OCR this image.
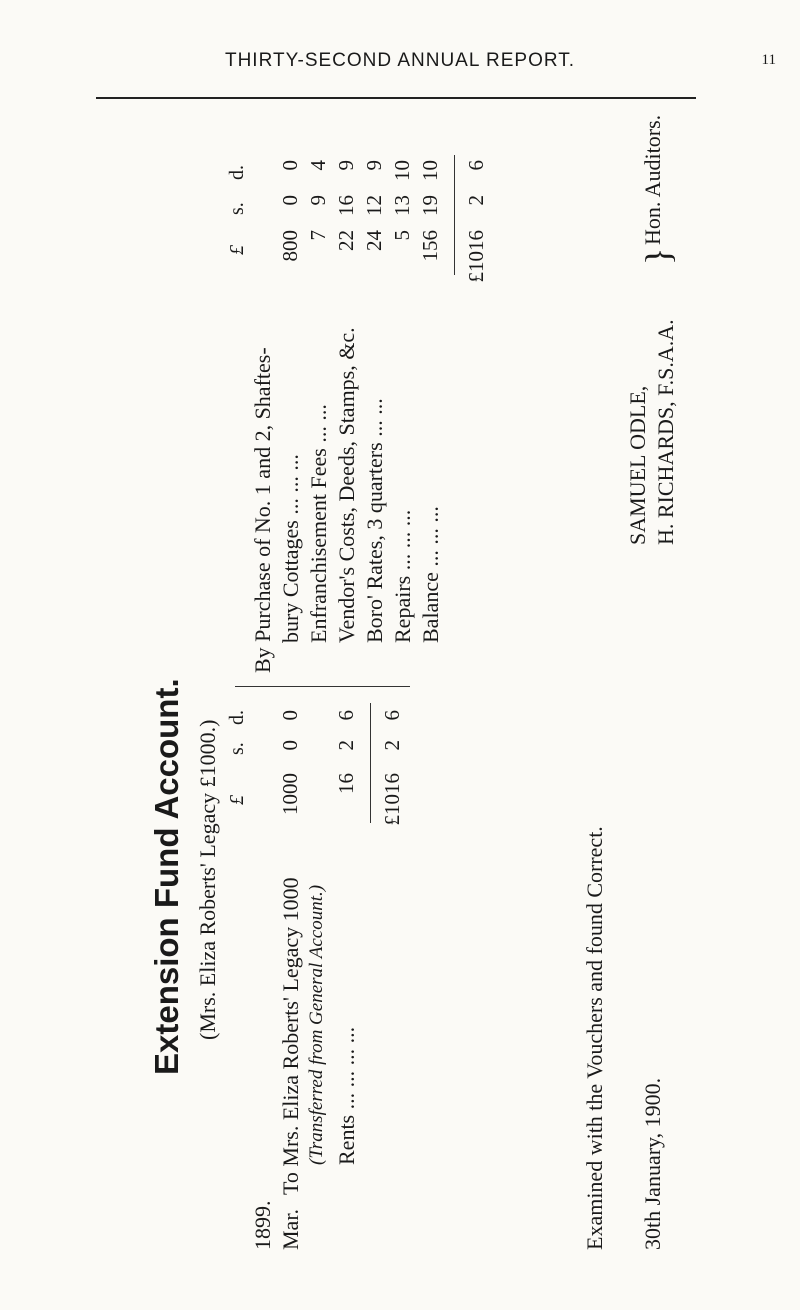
THIRTY-SECOND ANNUAL REPORT.	11
Extension Fund Account. (Mrs. Eliza Roberts' Legacy £1000.)
1899. Mar.
£
s.
d.
To Mrs. Eliza Roberts' Legacy 1000
1000
0
0
(Transferred from General Account.) Rents ... ... ... ...
16
2
6
£1016
2
6
£
s.
d.
By Purchase of No. 1 and 2, Shaftes- bury Cottages ... ... ...
800
0
0
Enfranchisement Fees ... ...
7
9
4
Vendor's Costs, Deeds, Stamps, &c.
22
16
9
Boro' Rates, 3 quarters ... ...
24
12
9
Repairs ... ... ...
5
13
10
Balance ... ... ...
156
19
10
£1016
2
6
Examined with the Vouchers and found Correct. 30th January, 1900.
SAMUEL ODLE, H. RICHARDS, F.S.A.A.
}
Hon. Auditors.
